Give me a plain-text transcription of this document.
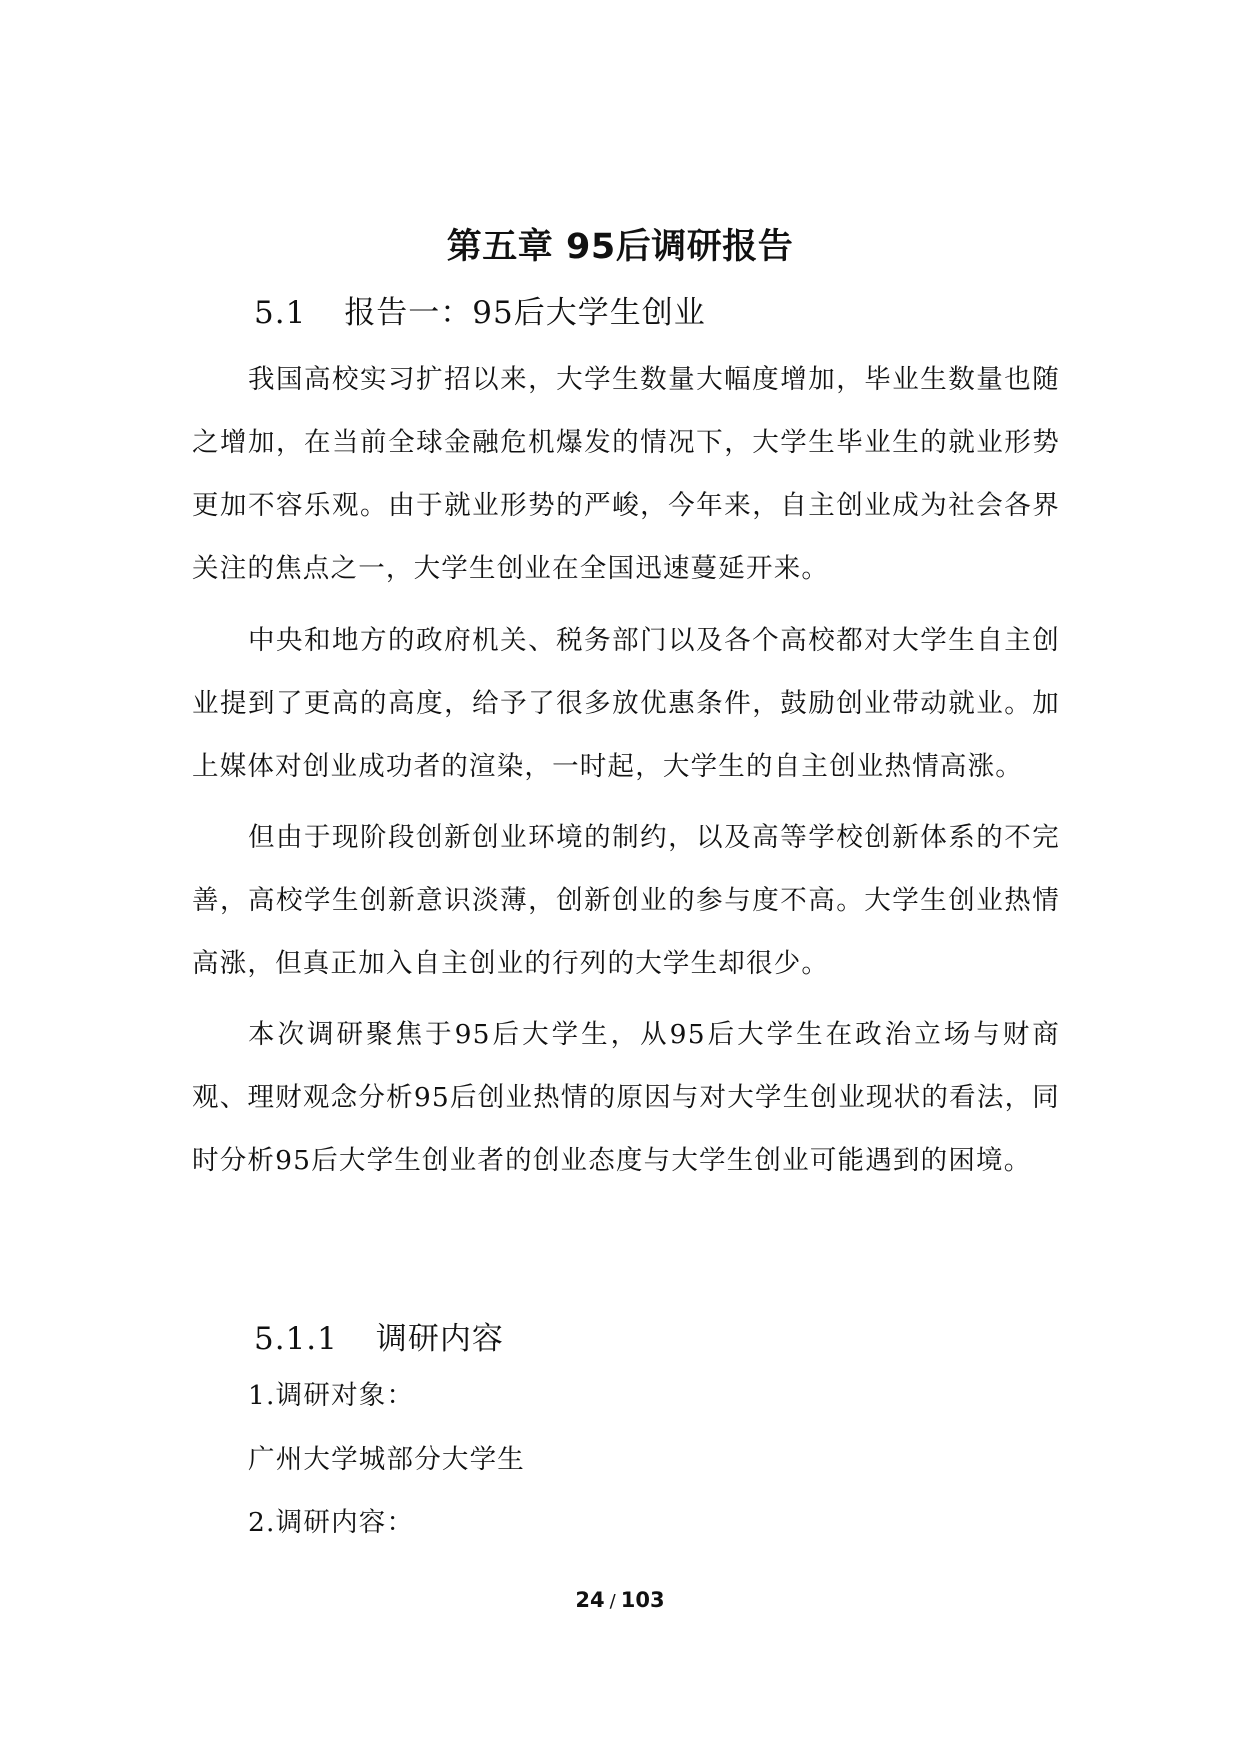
第五章 95后调研报告
5.1 报告一：95后大学生创业
我国高校实习扩招以来，大学生数量大幅度增加，毕业生数量也随之增加，在当前全球金融危机爆发的情况下，大学生毕业生的就业形势更加不容乐观。由于就业形势的严峻，今年来，自主创业成为社会各界关注的焦点之一，大学生创业在全国迅速蔓延开来。
中央和地方的政府机关、税务部门以及各个高校都对大学生自主创业提到了更高的高度，给予了很多放优惠条件，鼓励创业带动就业。加上媒体对创业成功者的渲染，一时起，大学生的自主创业热情高涨。
但由于现阶段创新创业环境的制约，以及高等学校创新体系的不完善，高校学生创新意识淡薄，创新创业的参与度不高。大学生创业热情高涨，但真正加入自主创业的行列的大学生却很少。
本次调研聚焦于95后大学生，从95后大学生在政治立场与财商观、理财观念分析95后创业热情的原因与对大学生创业现状的看法，同时分析95后大学生创业者的创业态度与大学生创业可能遇到的困境。
5.1.1 调研内容
1.调研对象：
广州大学城部分大学生
2.调研内容：
24 / 103
